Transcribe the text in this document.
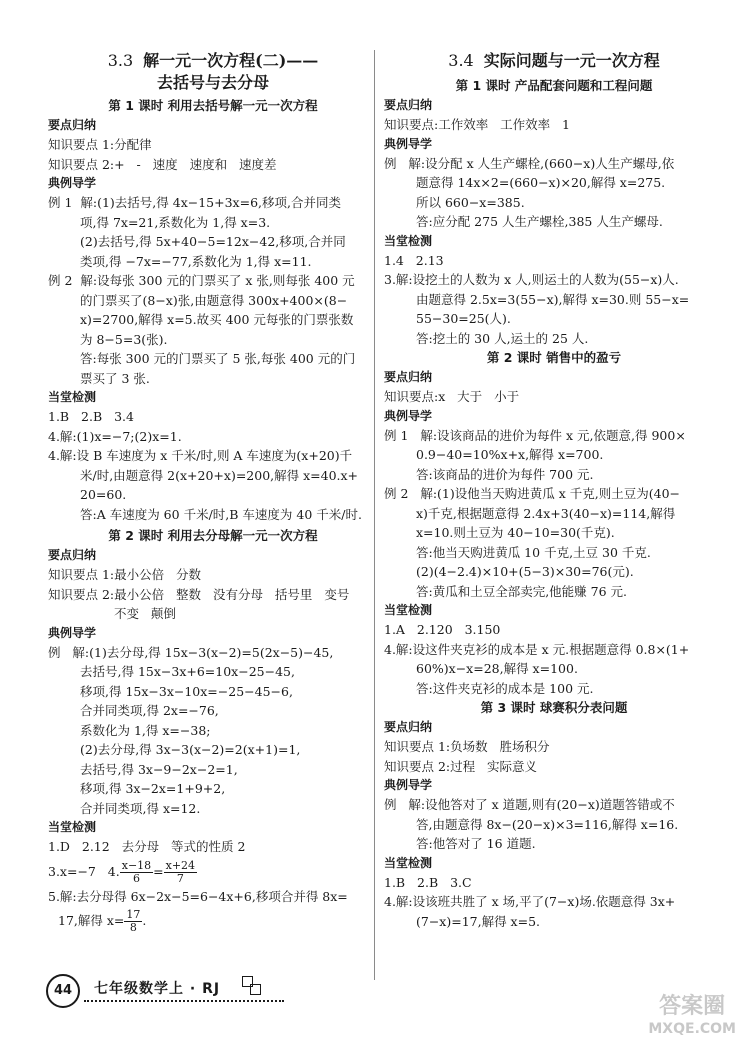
3.3 解一元一次方程(二)——

去括号与去分母

第 1 课时 利用去括号解一元一次方程

要点归纳

知识要点 1:分配律

知识要点 2:+   -   速度   速度和   速度差

典例导学

例 1  解:(1)去括号,得 4x−15+3x=6,移项,合并同类

项,得 7x=21,系数化为 1,得 x=3.

(2)去括号,得 5x+40−5=12x−42,移项,合并同

类项,得 −7x=−77,系数化为 1,得 x=11.

例 2  解:设每张 300 元的门票买了 x 张,则每张 400 元

的门票买了(8−x)张,由题意得 300x+400×(8−

x)=2700,解得 x=5.故买 400 元每张的门票张数

为 8−5=3(张).

答:每张 300 元的门票买了 5 张,每张 400 元的门

票买了 3 张.

当堂检测

1.B   2.B   3.4

4.解:(1)x=−7;(2)x=1.

4.解:设 B 车速度为 x 千米/时,则 A 车速度为(x+20)千

米/时,由题意得 2(x+20+x)=200,解得 x=40.x+

20=60.

答:A 车速度为 60 千米/时,B 车速度为 40 千米/时.

第 2 课时 利用去分母解一元一次方程

要点归纳

知识要点 1:最小公倍   分数

知识要点 2:最小公倍   整数   没有分母   括号里   变号

不变   颠倒

典例导学

例   解:(1)去分母,得 15x−3(x−2)=5(2x−5)−45,

去括号,得 15x−3x+6=10x−25−45,

移项,得 15x−3x−10x=−25−45−6,

合并同类项,得 2x=−76,

系数化为 1,得 x=−38;

(2)去分母,得 3x−3(x−2)=2(x+1)=1,

去括号,得 3x−9−2x−2=1,

移项,得 3x−2x=1+9+2,

合并同类项,得 x=12.

当堂检测

1.D   2.12   去分母   等式的性质 2

3.x=−7   4. $\frac{x-18}{6} = \frac{x+24}{7}$

5.解:去分母得 6x−2x−5=6−4x+6,移项合并得 8x=

17,解得 $x= \frac{17}{8}$ .

3.4 实际问题与一元一次方程

第 1 课时 产品配套问题和工程问题

要点归纳

知识要点:工作效率   工作效率   1

典例导学

例   解:设分配 x 人生产螺栓,(660−x)人生产螺母,依

题意得 14x×2=(660−x)×20,解得 x=275.

所以 660−x=385.

答:应分配 275 人生产螺栓,385 人生产螺母.

当堂检测

1.4   2.13

3.解:设挖土的人数为 x 人,则运土的人数为(55−x)人.

由题意得 2.5x=3(55−x),解得 x=30.则 55−x=

55−30=25(人).

答:挖土的 30 人,运土的 25 人.

第 2 课时 销售中的盈亏

要点归纳

知识要点:x   大于   小于

典例导学

例 1   解:设该商品的进价为每件 x 元,依题意,得 900×

0.9−40=10%x+x,解得 x=700.

答:该商品的进价为每件 700 元.

例 2   解:(1)设他当天购进黄瓜 x 千克,则土豆为(40−

x)千克,根据题意得 2.4x+3(40−x)=114,解得

x=10.则土豆为 40−10=30(千克).

答:他当天购进黄瓜 10 千克,土豆 30 千克.

(2)(4−2.4)×10+(5−3)×30=76(元).

答:黄瓜和土豆全部卖完,他能赚 76 元.

当堂检测

1.A   2.120   3.150

4.解:设这件夹克衫的成本是 x 元.根据题意得 0.8×(1+

60%)x−x=28,解得 x=100.

答:这件夹克衫的成本是 100 元.

第 3 课时 球赛积分表问题

要点归纳

知识要点 1:负场数   胜场积分

知识要点 2:过程   实际意义

典例导学

例   解:设他答对了 x 道题,则有(20−x)道题答错或不

答,由题意得 8x−(20−x)×3=116,解得 x=16.

答:他答对了 16 道题.

当堂检测

1.B   2.B   3.C

4.解:设该班共胜了 x 场,平了(7−x)场.依题意得 3x+

(7−x)=17,解得 x=5.

44	七年级数学上 · RJ
答案圈
MXQE.COM
